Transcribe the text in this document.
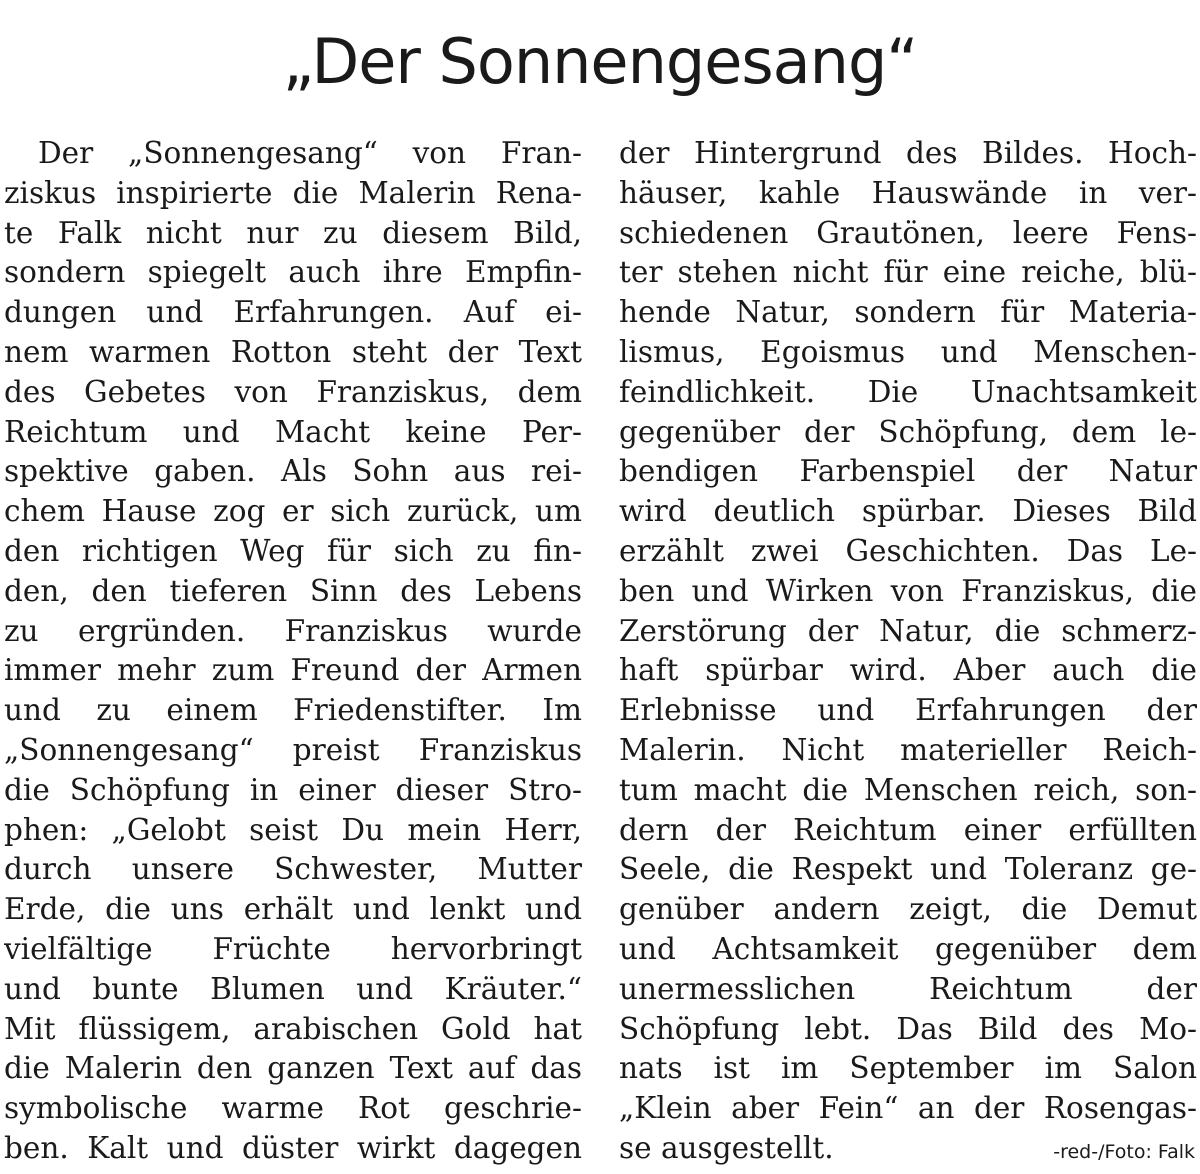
„Der Sonnengesang“
Der „Sonnengesang“ von Fran-
ziskus inspirierte die Malerin Rena-
te Falk nicht nur zu diesem Bild,
sondern spiegelt auch ihre Empfin-
dungen und Erfahrungen. Auf ei-
nem warmen Rotton steht der Text
des Gebetes von Franziskus, dem
Reichtum und Macht keine Per-
spektive gaben. Als Sohn aus rei-
chem Hause zog er sich zurück, um
den richtigen Weg für sich zu fin-
den, den tieferen Sinn des Lebens
zu ergründen. Franziskus wurde
immer mehr zum Freund der Armen
und zu einem Friedenstifter. Im
„Sonnengesang“ preist Franziskus
die Schöpfung in einer dieser Stro-
phen: „Gelobt seist Du mein Herr,
durch unsere Schwester, Mutter
Erde, die uns erhält und lenkt und
vielfältige Früchte hervorbringt
und bunte Blumen und Kräuter.“
Mit flüssigem, arabischen Gold hat
die Malerin den ganzen Text auf das
symbolische warme Rot geschrie-
ben. Kalt und düster wirkt dagegen
der Hintergrund des Bildes. Hoch-
häuser, kahle Hauswände in ver-
schiedenen Grautönen, leere Fens-
ter stehen nicht für eine reiche, blü-
hende Natur, sondern für Materia-
lismus, Egoismus und Menschen-
feindlichkeit. Die Unachtsamkeit
gegenüber der Schöpfung, dem le-
bendigen Farbenspiel der Natur
wird deutlich spürbar. Dieses Bild
erzählt zwei Geschichten. Das Le-
ben und Wirken von Franziskus, die
Zerstörung der Natur, die schmerz-
haft spürbar wird. Aber auch die
Erlebnisse und Erfahrungen der
Malerin. Nicht materieller Reich-
tum macht die Menschen reich, son-
dern der Reichtum einer erfüllten
Seele, die Respekt und Toleranz ge-
genüber andern zeigt, die Demut
und Achtsamkeit gegenüber dem
unermesslichen Reichtum der
Schöpfung lebt. Das Bild des Mo-
nats ist im September im Salon
„Klein aber Fein“ an der Rosengas-
se ausgestellt.	-red-/Foto: Falk
